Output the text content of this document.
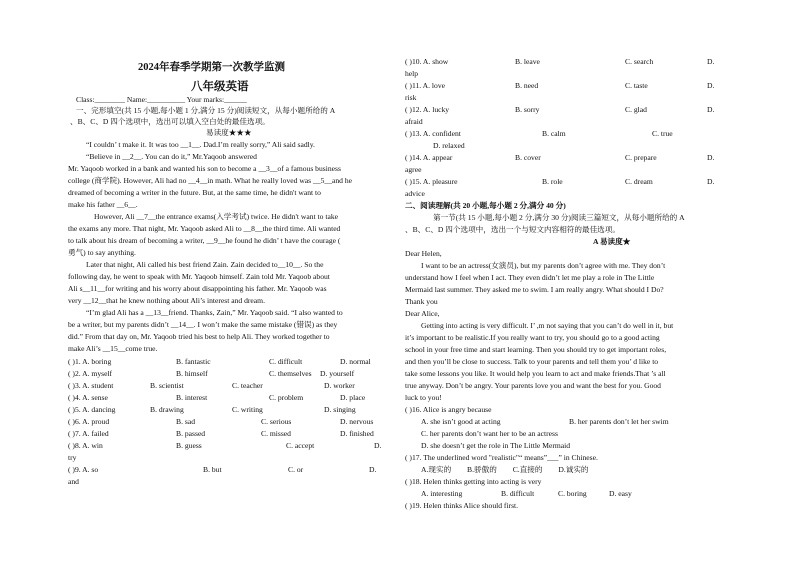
2024年春季学期第一次教学监测
八年级英语
Class:________ Name:__________ Your marks:______
一、完形填空(共 15 小题,每小题 1 分,满分 15 分)阅读短文，从每小题所给的 A
、B、C、D 四个选项中，选出可以填入空白处的最佳选项。
易读度★★★
“I couldn’ t make it. It was too __1__. Dad.I’m really sorry,” Ali said sadly.
“Believe in __2__. You can do it,” Mr.Yaqoob answered
Mr. Yaqoob worked in a bank and wanted his son to become a __3__of a famous business
college (商学院). However, Ali had no __4__in math. What he really loved was __5__and he
dreamed of becoming a writer in the future. But, at the same time, he didn't want to
make his father __6__.
However, Ali __7__the entrance exams(入学考试) twice. He didn't want to take
the exams any more. That night, Mr. Yaqoob asked Ali to __8__the third time. Ali wanted
to talk about his dream of becoming a writer, __9__he found he didn’ t have the courage (
勇气) to say anything.
Later that night, Ali called his best friend Zain. Zain decided to__10__. So the
following day, he went to speak with Mr. Yaqoob himself. Zain told Mr. Yaqoob about
Ali s__11__for writing and his worry about disappointing his father. Mr. Yaqoob was
very __12__that he knew nothing about Ali’s interest and dream.
“I’m glad Ali has a __13__friend. Thanks, Zain,” Mr. Yaqoob said. “I also wanted to
be a writer, but my parents didn’t __14__. I won’t make the same mistake (错误) as they
did.” From that day on, Mr. Yaqoob tried his best to help Ali. They worked together to
make Ali’s __15__come true.
( )1. A. boring	B. fantastic	C. difficult	D. normal
( )2. A. myself	B. himself	C. themselves D. yourself
( )3. A. student	B. scientist	C. teacher	D. worker
( )4. A. sense	B. interest	C. problem	D. place
( )5. A. dancing	B. drawing	C. writing	D. singing
( )6. A. proud	B. sad	C. serious	D. nervous
( )7. A. failed	B. passed	C. missed	D. finished
( )8. A. win	B. guess	C. accept	D.
try
( )9. A. so	B. but	C. or	D.
and
( )10. A. show	B. leave	C. search	D.
help
( )11. A. love	B. need	C. taste	D.
risk
( )12. A. lucky	B. sorry	C. glad	D.
afraid
( )13. A. confident	B. calm	C. true
D. relaxed
( )14. A. appear	B. cover	C. prepare	D.
agree
( )15. A. pleasure	B. role	C. dream	D.
advice
二、阅读理解(共 20 小题,每小题 2 分,满分 40 分)
第一节(共 15 小题,每小题 2 分,满分 30 分)阅读三篇短文，从每小题所给的 A
、B、C、D 四个选项中，选出一个与短文内容相符的最佳选项。
A 易读度★
Dear Helen,
I want to be an actress(女演员), but my parents don’t agree with me. They don’t
understand how I feel when I act. They even didn’t let me play a role in The Little
Mermaid last summer. They asked me to swim. I am really angry. What should I Do?
Thank you
Dear Alice,
Getting into acting is very difficult. I’ ,m not saying that you can’t do well in it, but
it’s important to be realistic.If you really want to try, you should go to a good acting
school in your free time and start learning. Then you should try to get important roles,
and then you’ll be close to success. Talk to your parents and tell them you’ d like to
take some lessons you like. It would help you learn to act and make friends.That ’s all
true anyway. Don’t be angry. Your parents love you and want the best for you. Good
luck to you!
( )16. Alice is angry because
A. she isn’t good at acting	B. her parents don’t let her swim
C. her parents don’t want her to be an actress
D. she doesn’t get the role in The Little Mermaid
( )17. The underlined word "realistic"“ means”___” in Chinese.
A.现实的 B.骄傲的 C.直接的 D.诚实的
( )18. Helen thinks getting into acting is very
A. interesting	B. difficult	C. boring	D. easy
( )19. Helen thinks Alice should first.
